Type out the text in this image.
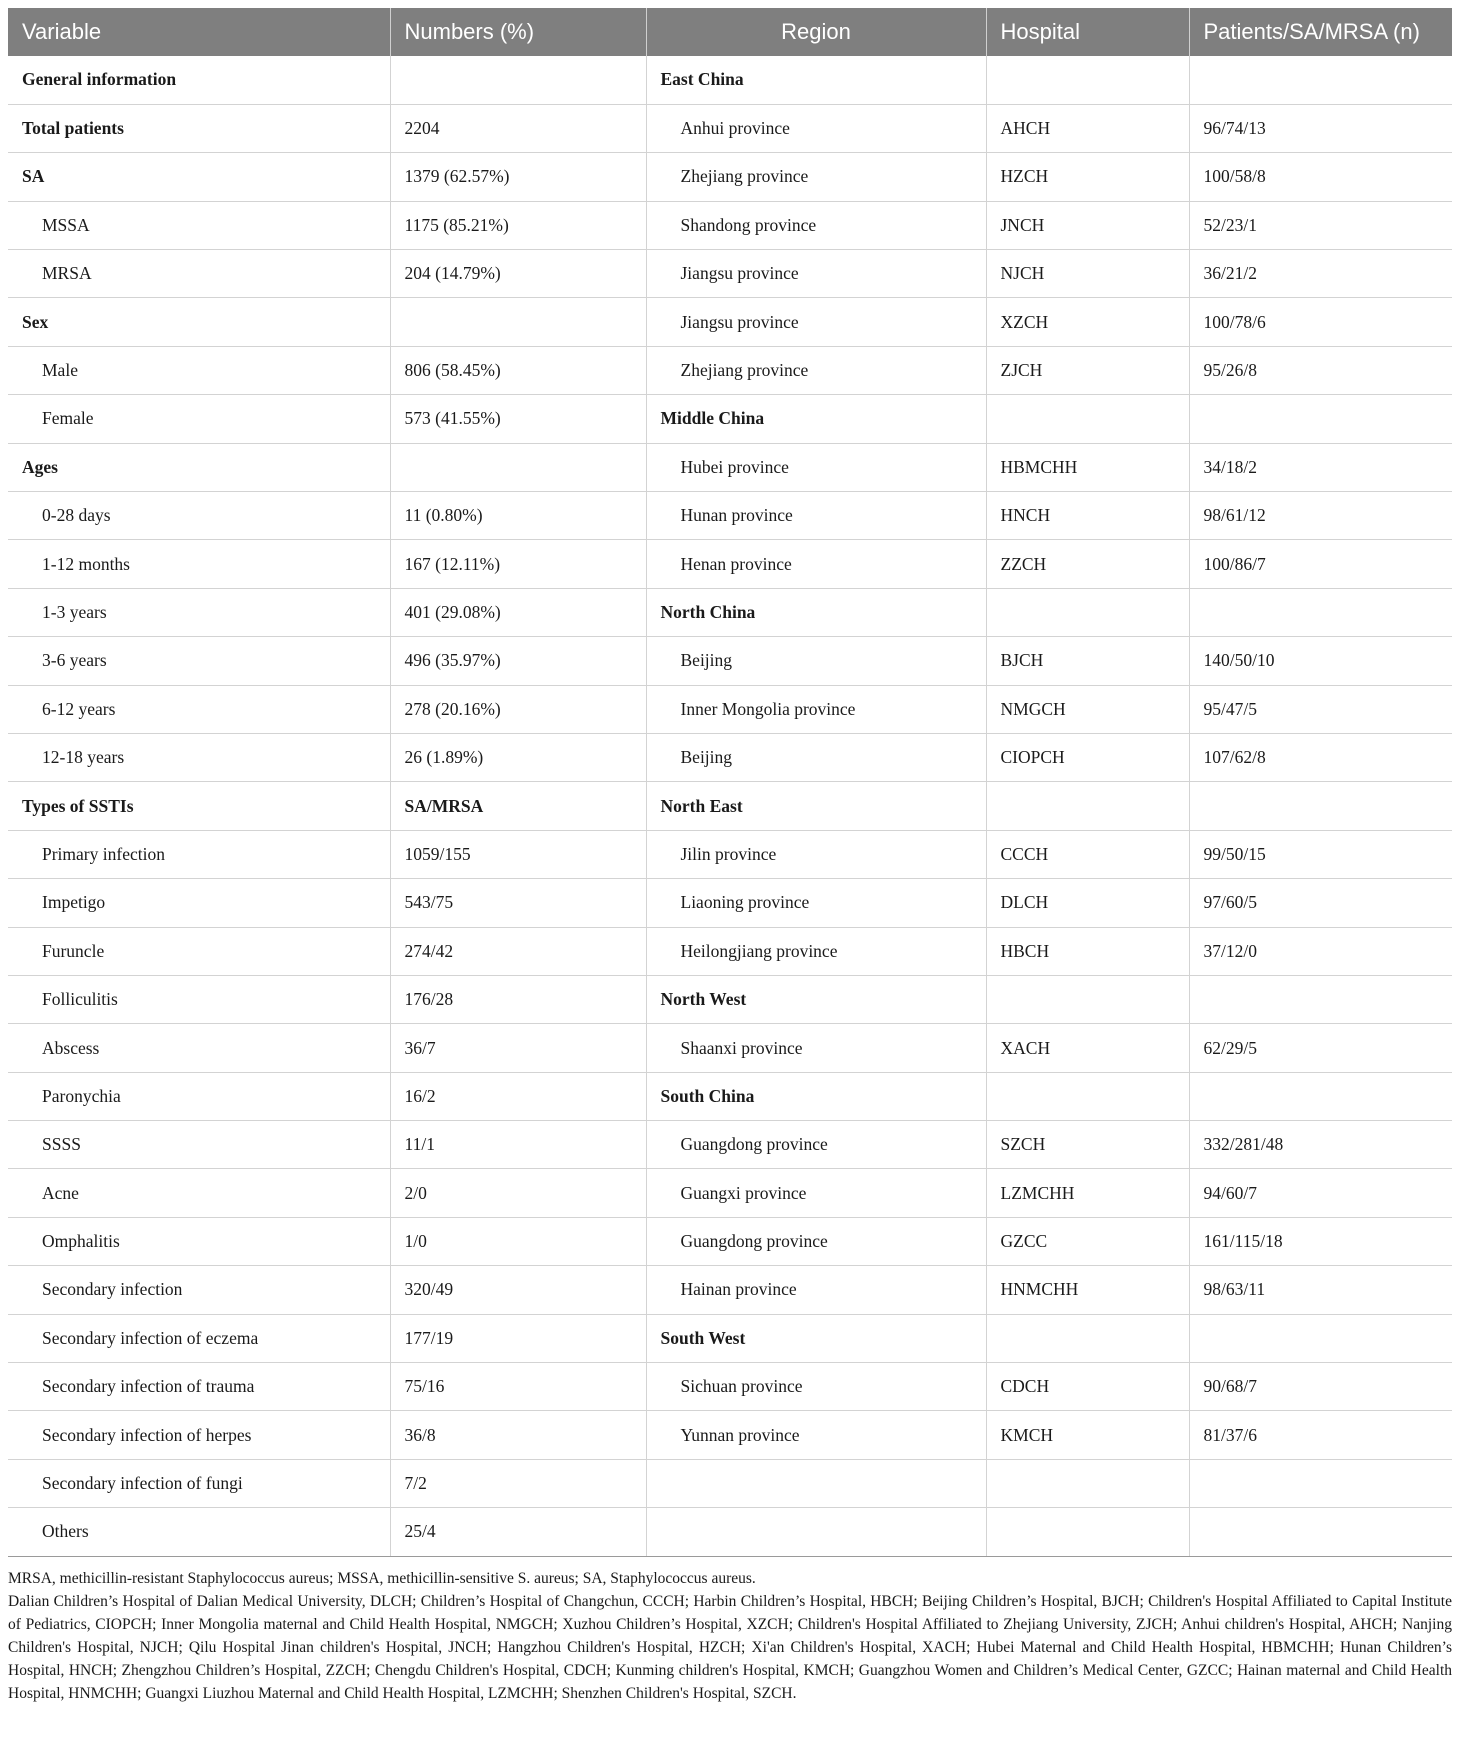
Variable	Numbers (%)	Region	Hospital	Patients/SA/MRSA (n)
General information		East China		
Total patients	2204	Anhui province	AHCH	96/74/13
SA	1379 (62.57%)	Zhejiang province	HZCH	100/58/8
MSSA	1175 (85.21%)	Shandong province	JNCH	52/23/1
MRSA	204 (14.79%)	Jiangsu province	NJCH	36/21/2
Sex		Jiangsu province	XZCH	100/78/6
Male	806 (58.45%)	Zhejiang province	ZJCH	95/26/8
Female	573 (41.55%)	Middle China		
Ages		Hubei province	HBMCHH	34/18/2
0-28 days	11 (0.80%)	Hunan province	HNCH	98/61/12
1-12 months	167 (12.11%)	Henan province	ZZCH	100/86/7
1-3 years	401 (29.08%)	North China		
3-6 years	496 (35.97%)	Beijing	BJCH	140/50/10
6-12 years	278 (20.16%)	Inner Mongolia province	NMGCH	95/47/5
12-18 years	26 (1.89%)	Beijing	CIOPCH	107/62/8
Types of SSTIs	SA/MRSA	North East		
Primary infection	1059/155	Jilin province	CCCH	99/50/15
Impetigo	543/75	Liaoning province	DLCH	97/60/5
Furuncle	274/42	Heilongjiang province	HBCH	37/12/0
Folliculitis	176/28	North West		
Abscess	36/7	Shaanxi province	XACH	62/29/5
Paronychia	16/2	South China		
SSSS	11/1	Guangdong province	SZCH	332/281/48
Acne	2/0	Guangxi province	LZMCHH	94/60/7
Omphalitis	1/0	Guangdong province	GZCC	161/115/18
Secondary infection	320/49	Hainan province	HNMCHH	98/63/11
Secondary infection of eczema	177/19	South West		
Secondary infection of trauma	75/16	Sichuan province	CDCH	90/68/7
Secondary infection of herpes	36/8	Yunnan province	KMCH	81/37/6
Secondary infection of fungi	7/2			
Others	25/4			

MRSA, methicillin-resistant Staphylococcus aureus; MSSA, methicillin-sensitive S. aureus; SA, Staphylococcus aureus.

Dalian Children’s Hospital of Dalian Medical University, DLCH; Children’s Hospital of Changchun, CCCH; Harbin Children’s Hospital, HBCH; Beijing Children’s Hospital, BJCH; Children's Hospital Affiliated to Capital Institute of Pediatrics, CIOPCH; Inner Mongolia maternal and Child Health Hospital, NMGCH; Xuzhou Children’s Hospital, XZCH; Children's Hospital Affiliated to Zhejiang University, ZJCH; Anhui children's Hospital, AHCH; Nanjing Children's Hospital, NJCH; Qilu Hospital Jinan children's Hospital, JNCH; Hangzhou Children's Hospital, HZCH; Xi'an Children's Hospital, XACH; Hubei Maternal and Child Health Hospital, HBMCHH; Hunan Children’s Hospital, HNCH; Zhengzhou Children’s Hospital, ZZCH; Chengdu Children's Hospital, CDCH; Kunming children's Hospital, KMCH; Guangzhou Women and Children’s Medical Center, GZCC; Hainan maternal and Child Health Hospital, HNMCHH; Guangxi Liuzhou Maternal and Child Health Hospital, LZMCHH; Shenzhen Children's Hospital, SZCH.
